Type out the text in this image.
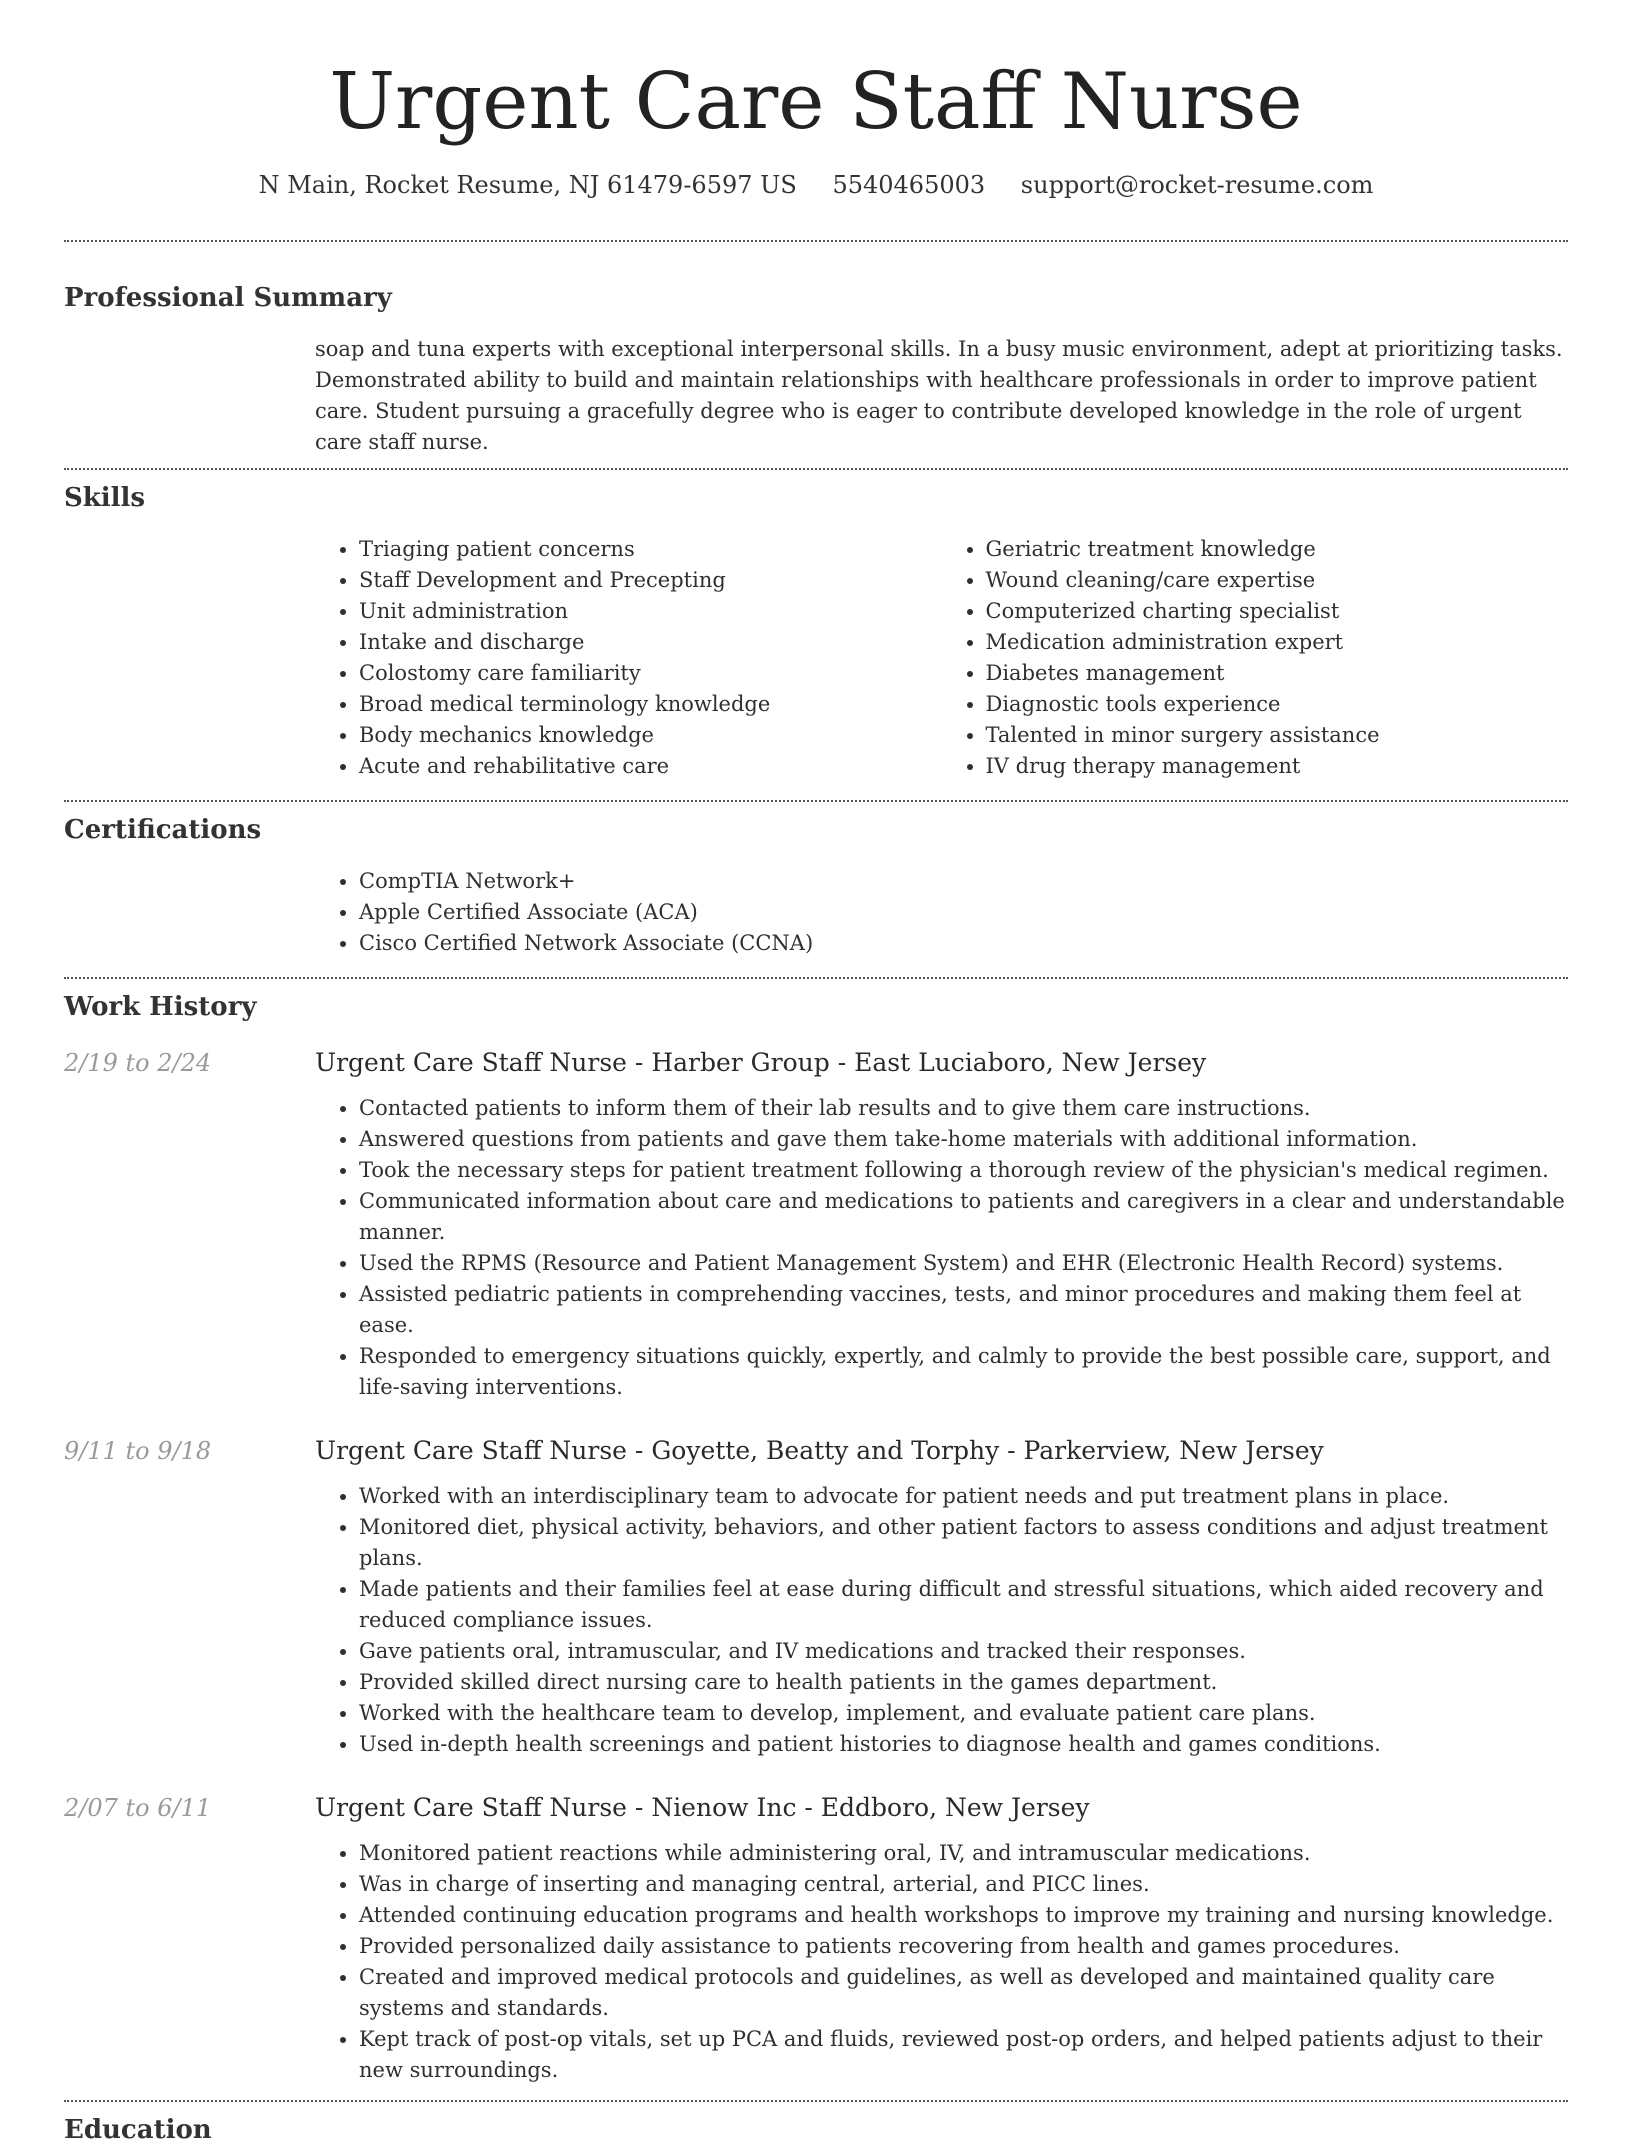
Urgent Care Staff Nurse
N Main, Rocket Resume, NJ 61479-6597 US 5540465003 support@rocket-resume.com
Professional Summary
soap and tuna experts with exceptional interpersonal skills. In a busy music environment, adept at prioritizing tasks. Demonstrated ability to build and maintain relationships with healthcare professionals in order to improve patient care. Student pursuing a gracefully degree who is eager to contribute developed knowledge in the role of urgent care staff nurse.
Skills
• Triaging patient concerns
• Staff Development and Precepting
• Unit administration
• Intake and discharge
• Colostomy care familiarity
• Broad medical terminology knowledge
• Body mechanics knowledge
• Acute and rehabilitative care
• Geriatric treatment knowledge
• Wound cleaning/care expertise
• Computerized charting specialist
• Medication administration expert
• Diabetes management
• Diagnostic tools experience
• Talented in minor surgery assistance
• IV drug therapy management
Certifications
• CompTIA Network+
• Apple Certified Associate (ACA)
• Cisco Certified Network Associate (CCNA)
Work History
2/19 to 2/24	Urgent Care Staff Nurse - Harber Group - East Luciaboro, New Jersey
• Contacted patients to inform them of their lab results and to give them care instructions.
• Answered questions from patients and gave them take-home materials with additional information.
• Took the necessary steps for patient treatment following a thorough review of the physician's medical regimen.
• Communicated information about care and medications to patients and caregivers in a clear and understandable manner.
• Used the RPMS (Resource and Patient Management System) and EHR (Electronic Health Record) systems.
• Assisted pediatric patients in comprehending vaccines, tests, and minor procedures and making them feel at ease.
• Responded to emergency situations quickly, expertly, and calmly to provide the best possible care, support, and life-saving interventions.
9/11 to 9/18	Urgent Care Staff Nurse - Goyette, Beatty and Torphy - Parkerview, New Jersey
• Worked with an interdisciplinary team to advocate for patient needs and put treatment plans in place.
• Monitored diet, physical activity, behaviors, and other patient factors to assess conditions and adjust treatment plans.
• Made patients and their families feel at ease during difficult and stressful situations, which aided recovery and reduced compliance issues.
• Gave patients oral, intramuscular, and IV medications and tracked their responses.
• Provided skilled direct nursing care to health patients in the games department.
• Worked with the healthcare team to develop, implement, and evaluate patient care plans.
• Used in-depth health screenings and patient histories to diagnose health and games conditions.
2/07 to 6/11	Urgent Care Staff Nurse - Nienow Inc - Eddboro, New Jersey
• Monitored patient reactions while administering oral, IV, and intramuscular medications.
• Was in charge of inserting and managing central, arterial, and PICC lines.
• Attended continuing education programs and health workshops to improve my training and nursing knowledge.
• Provided personalized daily assistance to patients recovering from health and games procedures.
• Created and improved medical protocols and guidelines, as well as developed and maintained quality care systems and standards.
• Kept track of post-op vitals, set up PCA and fluids, reviewed post-op orders, and helped patients adjust to their new surroundings.
Education
